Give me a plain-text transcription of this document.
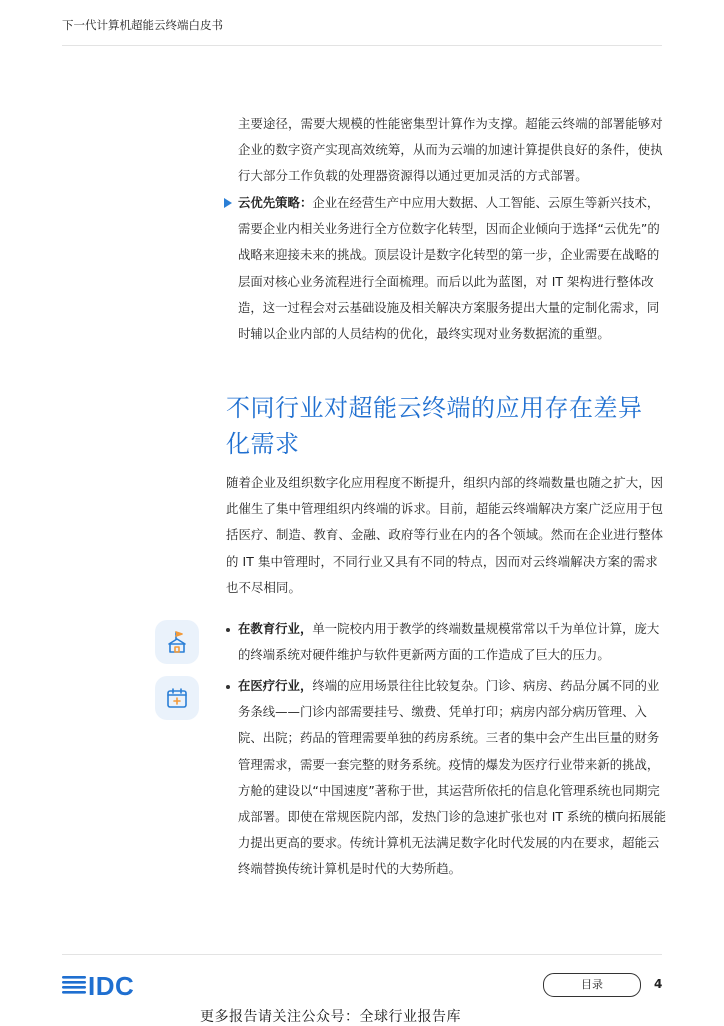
下一代计算机超能云终端白皮书

主要途径，需要大规模的性能密集型计算作为支撑。超能云终端的部署能够对企业的数字资产实现高效统筹，从而为云端的加速计算提供良好的条件，使执行大部分工作负载的处理器资源得以通过更加灵活的方式部署。

云优先策略：企业在经营生产中应用大数据、人工智能、云原生等新兴技术，需要企业内相关业务进行全方位数字化转型，因而企业倾向于选择“云优先”的战略来迎接未来的挑战。顶层设计是数字化转型的第一步，企业需要在战略的层面对核心业务流程进行全面梳理。而后以此为蓝图，对 IT 架构进行整体改造，这一过程会对云基础设施及相关解决方案服务提出大量的定制化需求，同时辅以企业内部的人员结构的优化，最终实现对业务数据流的重塑。
不同行业对超能云终端的应用存在差异化需求

随着企业及组织数字化应用程度不断提升，组织内部的终端数量也随之扩大，因此催生了集中管理组织内终端的诉求。目前，超能云终端解决方案广泛应用于包括医疗、制造、教育、金融、政府等行业在内的各个领域。然而在企业进行整体的 IT 集中管理时，不同行业又具有不同的特点，因而对云终端解决方案的需求也不尽相同。

在教育行业，单一院校内用于教学的终端数量规模常常以千为单位计算，庞大的终端系统对硬件维护与软件更新两方面的工作造成了巨大的压力。
在医疗行业，终端的应用场景往往比较复杂。门诊、病房、药品分属不同的业务条线——门诊内部需要挂号、缴费、凭单打印；病房内部分病历管理、入院、出院；药品的管理需要单独的药房系统。三者的集中会产生出巨量的财务管理需求，需要一套完整的财务系统。疫情的爆发为医疗行业带来新的挑战，方舱的建设以“中国速度”著称于世，其运营所依托的信息化管理系统也同期完成部署。即使在常规医院内部，发热门诊的急速扩张也对 IT 系统的横向拓展能力提出更高的要求。传统计算机无法满足数字化时代发展的内在要求，超能云终端替换传统计算机是时代的大势所趋。
IDC	目录	4
更多报告请关注公众号：全球行业报告库
